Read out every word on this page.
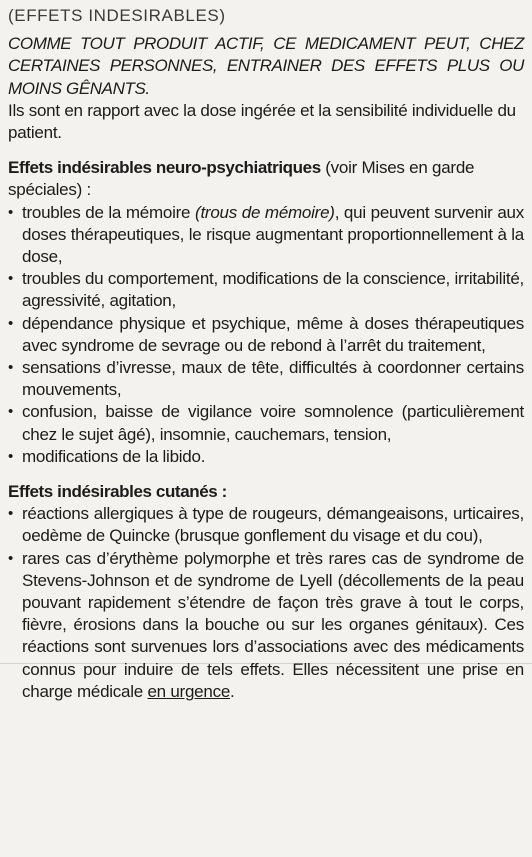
(EFFETS INDESIRABLES)

COMME TOUT PRODUIT ACTIF, CE MEDICAMENT PEUT, CHEZ CERTAINES PERSONNES, ENTRAINER DES EFFETS PLUS OU MOINS GÊNANTS.

Ils sont en rapport avec la dose ingérée et la sensibilité individuelle du patient.

Effets indésirables neuro-psychiatriques (voir Mises en garde spéciales) :

• troubles de la mémoire (trous de mémoire), qui peuvent survenir aux doses thérapeutiques, le risque augmentant proportionnellement à la dose,
• troubles du comportement, modifications de la conscience, irritabilité, agressivité, agitation,
• dépendance physique et psychique, même à doses thérapeutiques avec syndrome de sevrage ou de rebond à l’arrêt du traitement,
• sensations d’ivresse, maux de tête, difficultés à coordonner certains mouvements,
• confusion, baisse de vigilance voire somnolence (particulièrement chez le sujet âgé), insomnie, cauchemars, tension,
• modifications de la libido.

Effets indésirables cutanés :

• réactions allergiques à type de rougeurs, démangeaisons, urticaires, oedème de Quincke (brusque gonflement du visage et du cou),
• rares cas d’érythème polymorphe et très rares cas de syndrome de Stevens-Johnson et de syndrome de Lyell (décollements de la peau pouvant rapidement s’étendre de façon très grave à tout le corps, fièvre, érosions dans la bouche ou sur les organes génitaux). Ces réactions sont survenues lors d’associations avec des médicaments connus pour induire de tels effets. Elles nécessitent une prise en charge médicale en urgence.
